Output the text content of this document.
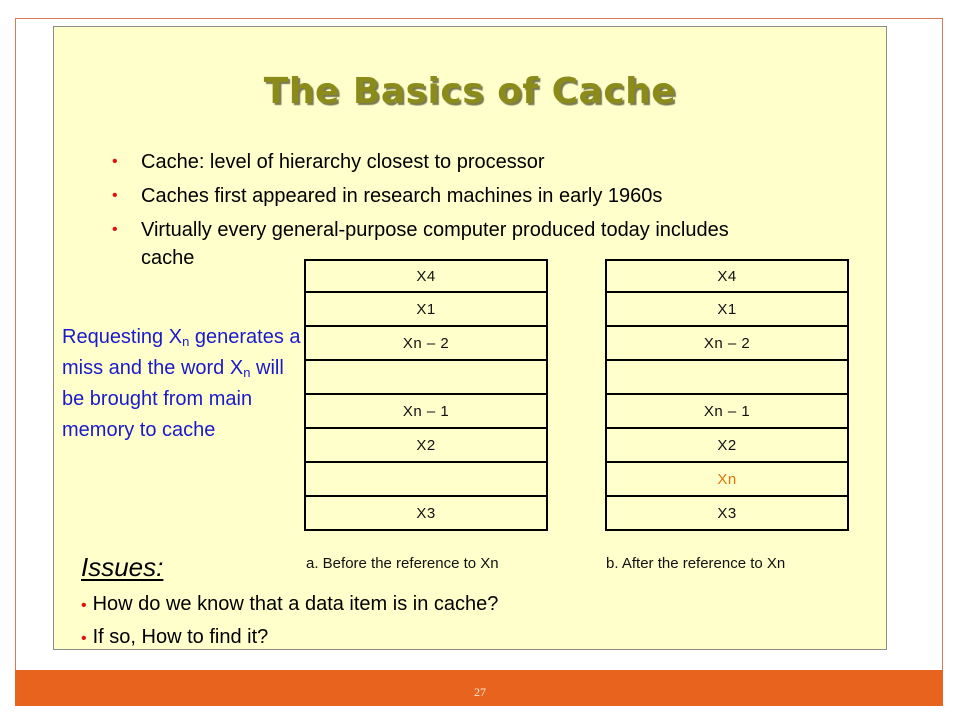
The Basics of Cache
• Cache: level of hierarchy closest to processor
• Caches first appeared in research machines in early 1960s
• Virtually every general-purpose computer produced today includes cache
Requesting $X_n$ generates a miss and the word $X_n$ will be brought from main memory to cache
X4
X1
Xn – 2
Xn – 1
X2
X3
X4
X1
Xn – 2
Xn – 1
X2
Xn
X3
a. Before the reference to Xn	b. After the reference to Xn
Issues:
• How do we know that a data item is in cache?
• If so, How to find it?
27
